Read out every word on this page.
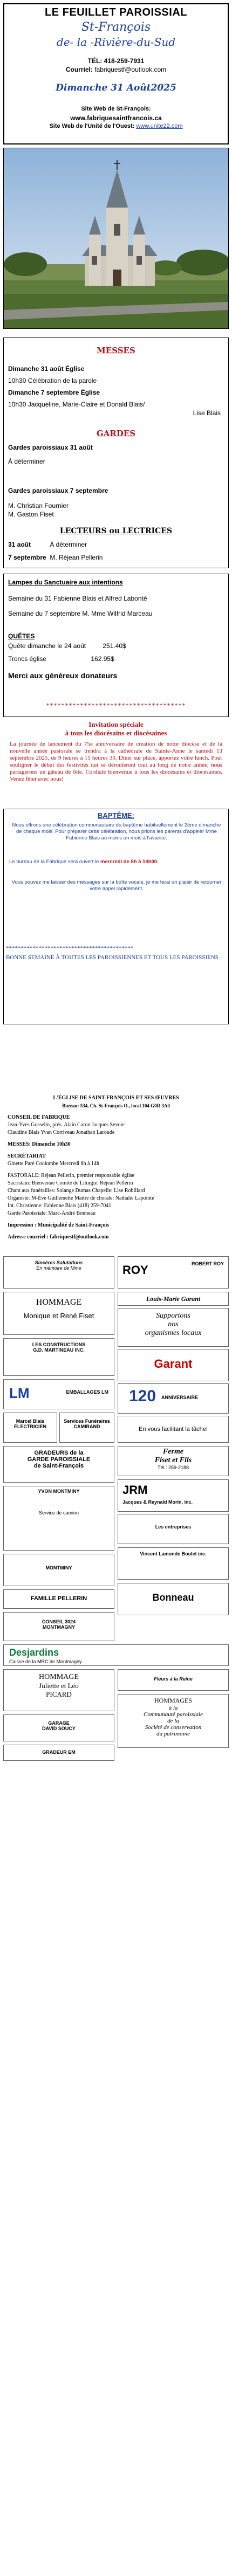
LE FEUILLET PAROISSIAL
St-François
de- la -Rivière-du-Sud
TÉL: 418-259-7931
Courriel: fabriquestf@outlook.com
Dimanche 31 Août2025
Site Web de St-François:
www.fabriquesaintfrancois.ca
Site Web de l'Unité de l'Ouest: www.unite22.com
MESSES
Dimanche 31 août Église
10h30 Célébration de la parole
Dimanche 7 septembre Église
10h30 Jacqueline, Marie-Claire et Donald Blais/
Lise Blais
GARDES
Gardes paroissiaux 31 août
À déterminer
Gardes paroissiaux 7 septembre
M. Christian Fournier
M. Gaston Fiset
LECTEURS ou LECTRICES
31 août	À déterminer
7 septembre M. Réjean Pellerin
Lampes du Sanctuaire aux intentions
Semaine du 31 Fabienne Blais et Alfred Labonté
Semaine du 7 septembre M. Mme Wilfrid Marceau
QUÊTES
Quête dimanche le 24 août	251.40$
Troncs église	162.95$
Merci aux généreux donateurs
*************************************
Invitation spéciale
à tous les diocésains et diocésaines
La journée de lancement du 75e anniversaire de création de notre diocèse et de la nouvelle année pastorale se tiendra à la cathédrale de Sainte-Anne le samedi 13 septembre 2025, de 9 heures à 15 heures 30. Dîner sur place, apportez votre lunch. Pour souligner le début des festivités qui se dérouleront tout au long de notre année, nous partagerons un gâteau de fête. Cordiale bienvenue à tous les diocésains et diocésaines. Venez fêter avec nous!
BAPTÊME:
Nous offrons une célébration communautaire du baptême habituellement le 2ème dimanche de chaque mois. Pour préparer cette célébration, nous prions les parents d'appeler Mme Fabienne Blais au moins un mois à l'avance.
Le bureau de la Fabrique sera ouvert le mercredi de 8h à 14h00.
Vous pouvez me laisser des messages sur la boîte vocale, je me ferai un plaisir de retourner votre appel rapidement.
*******************************************
BONNE SEMAINE À TOUTES LES PAROISSIENNES ET TOUS LES PAROISSIENS
L'ÉGLISE DE SAINT-FRANÇOIS ET SES ŒUVRES
Bureau: 534, Ch. St-François O., local 104 G0R 3A0
CONSEIL DE FABRIQUE
Jean-Yves Gosselin, prés. Alain Caron Jacques Sevoie
Claudine Blais Yvan Corriveau Jonathan Laroude
MESSES: Dimanche 10h30
SECRÉTARIAT
Ginette Paré Coulombe Mercredi 8h à 14h
PASTORALE: Réjean Pellerin, premier responsable église
Sacristain: Bienvenue Comité de Liturgie: Réjean Pellerin
Chant aux funérailles: Solange Dumas Chapelle: Lise Robillard
Organiste: M-Ève Guillemette Maître de chorale: Nathalie Lapointe
Int. Christienne: Fabienne Blais (418) 259-7041
Garde Paroissiale: Marc-André Bonneau
Impression : Municipalité de Saint-François
Adresse courriel : fabriquestf@outlook.com
Sincères Salutations
En mémoire de Mme	ROY	ROBERT ROY
HOMMAGE
Monique et René Fiset
Louis-Marie Garant
Supportons
nos
organismes locaux
LES CONSTRUCTIONS
G.D. MARTINEAU INC.
Garant
LM	EMBALLAGES LM 120 ANNIVERSAIRE
Marcel Blais
ÉLECTRICIEN
Services Funéraires
CAMIRAND	En vous facilitant la tâche!
GRADEURS de la
GARDE PAROISSIALE
de Saint-François
Ferme
Fiset et Fils
Tél.: 259-2188
YVON MONTMINY
Service de camion
JRM
Jacques & Reynald Morin, inc.
Les entreprises
Vincent Lamonde Boulet inc.
MONTMINY
FAMILLE PELLERIN	Bonneau
CONSEIL 3024
MONTMAGNY
Desjardins
Caisse de la MRC de Montmagny
HOMMAGE
Juliette et Léo
PICARD
Fleurs à la Reine
HOMMAGES
à la
Communauté paroissiale
de la
Société de conservation
du patrimoine
GARAGE
DAVID SOUCY
GRADEUR EM
